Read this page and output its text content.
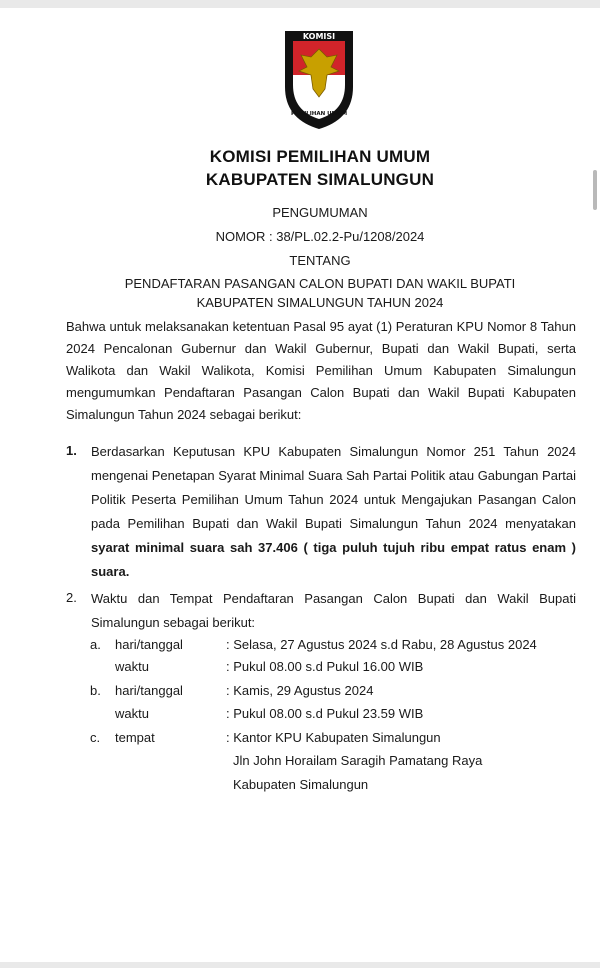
KOMISI
PEMILIHAN UMUM
KOMISI PEMILIHAN UMUM
KABUPATEN SIMALUNGUN
PENGUMUMAN
NOMOR : 38/PL.02.2-Pu/1208/2024
TENTANG
PENDAFTARAN PASANGAN CALON BUPATI DAN WAKIL BUPATI
KABUPATEN SIMALUNGUN TAHUN 2024
Bahwa untuk melaksanakan ketentuan Pasal 95 ayat (1) Peraturan KPU Nomor 8 Tahun 2024 Pencalonan Gubernur dan Wakil Gubernur, Bupati dan Wakil Bupati, serta Walikota dan Wakil Walikota, Komisi Pemilihan Umum Kabupaten Simalungun mengumumkan Pendaftaran Pasangan Calon Bupati dan Wakil Bupati Kabupaten Simalungun Tahun 2024 sebagai berikut:
1. Berdasarkan Keputusan KPU Kabupaten Simalungun Nomor 251 Tahun 2024 mengenai Penetapan Syarat Minimal Suara Sah Partai Politik atau Gabungan Partai Politik Peserta Pemilihan Umum Tahun 2024 untuk Mengajukan Pasangan Calon pada Pemilihan Bupati dan Wakil Bupati Simalungun Tahun 2024 menyatakan syarat minimal suara sah 37.406 ( tiga puluh tujuh ribu empat ratus enam ) suara.
2. Waktu dan Tempat Pendaftaran Pasangan Calon Bupati dan Wakil Bupati Simalungun sebagai berikut:
a.	hari/tanggal	: Selasa, 27 Agustus 2024 s.d Rabu, 28 Agustus 2024
waktu	: Pukul 08.00 s.d Pukul 16.00 WIB
b.	hari/tanggal	: Kamis, 29 Agustus 2024
waktu	: Pukul 08.00 s.d Pukul 23.59 WIB
c.	tempat	: Kantor KPU Kabupaten Simalungun
Jln John Horailam Saragih Pamatang Raya
Kabupaten Simalungun
